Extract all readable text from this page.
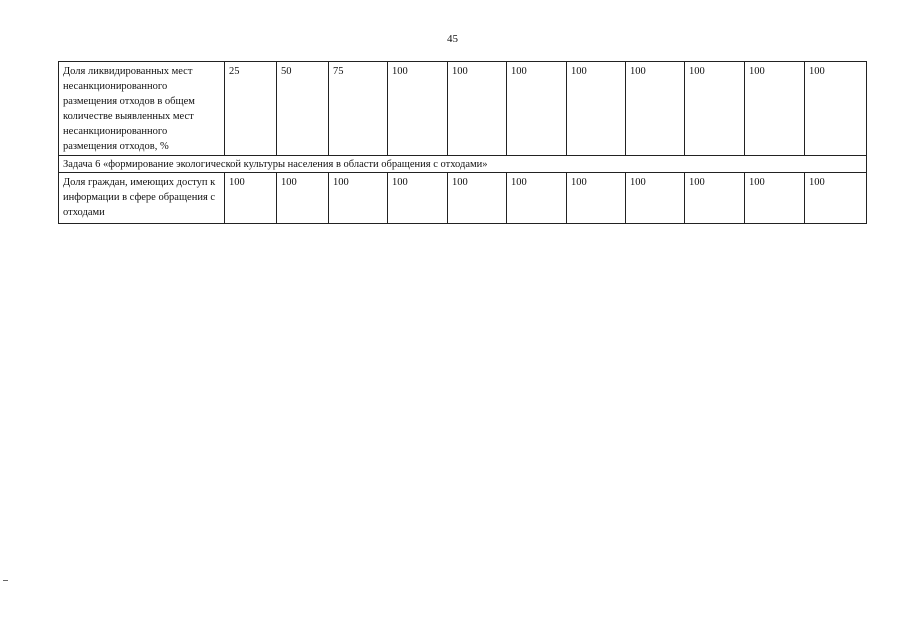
45
Доля ликвидированных мест несанкционированного размещения отходов в общем количестве выявленных мест несанкционированного размещения отходов, %	25	50	75	100	100	100	100	100	100	100	100
Задача 6 «формирование экологической культуры населения в области обращения с отходами»											
Доля граждан, имеющих доступ к информации в сфере обращения с отходами	100	100	100	100	100	100	100	100	100	100	100
